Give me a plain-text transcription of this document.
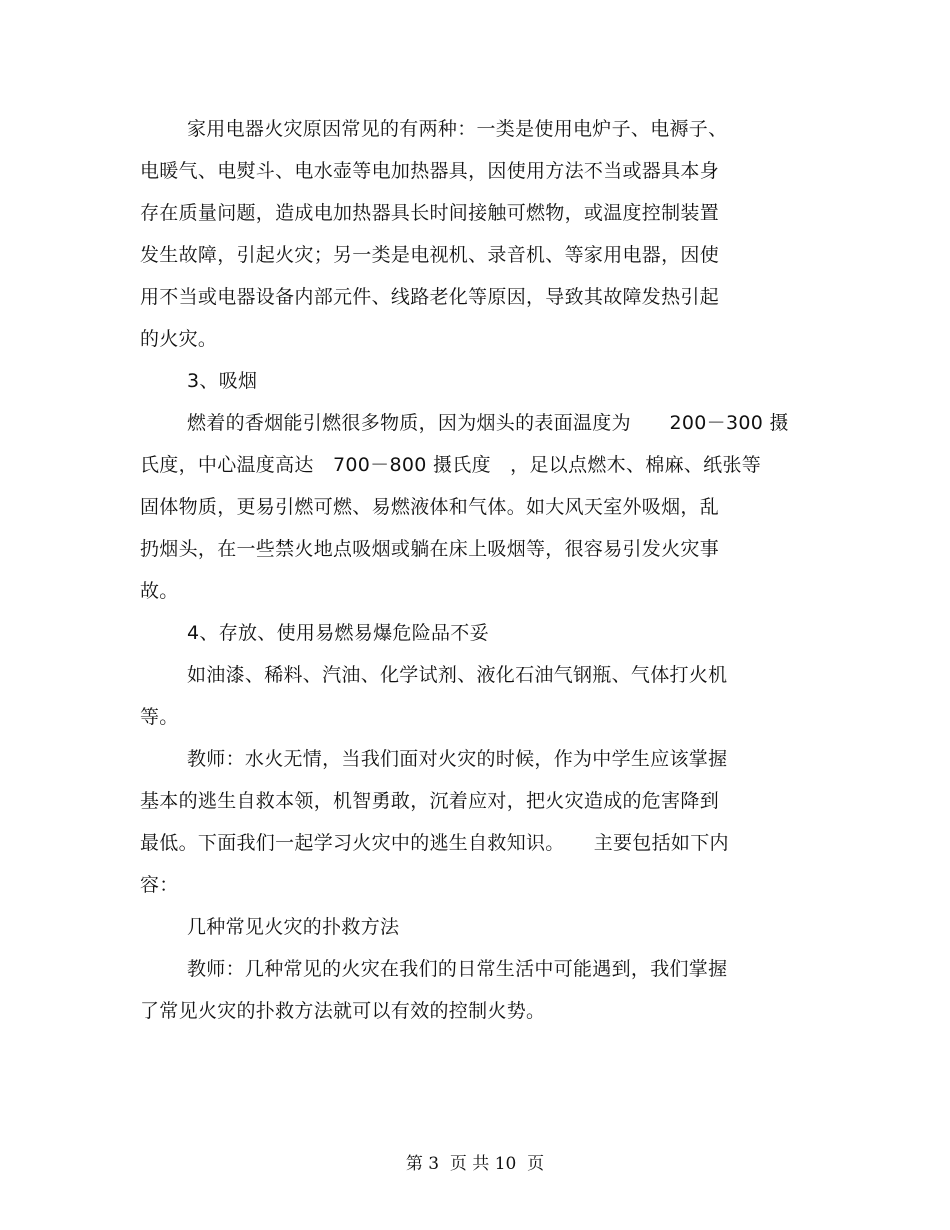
家用电器火灾原因常见的有两种：一类是使用电炉子、电褥子、
电暖气、电熨斗、电水壶等电加热器具，因使用方法不当或器具本身
存在质量问题，造成电加热器具长时间接触可燃物，或温度控制装置
发生故障，引起火灾；另一类是电视机、录音机、等家用电器，因使
用不当或电器设备内部元件、线路老化等原因，导致其故障发热引起
的火灾。
3、吸烟
燃着的香烟能引燃很多物质，因为烟头的表面温度为　　200－300 摄
氏度，中心温度高达　700－800 摄氏度　，足以点燃木、棉麻、纸张等
固体物质，更易引燃可燃、易燃液体和气体。如大风天室外吸烟，乱
扔烟头，在一些禁火地点吸烟或躺在床上吸烟等，很容易引发火灾事
故。
4、存放、使用易燃易爆危险品不妥
如油漆、稀料、汽油、化学试剂、液化石油气钢瓶、气体打火机
等。
教师：水火无情，当我们面对火灾的时候，作为中学生应该掌握
基本的逃生自救本领，机智勇敢，沉着应对，把火灾造成的危害降到
最低。下面我们一起学习火灾中的逃生自救知识。　　主要包括如下内
容：
几种常见火灾的扑救方法
教师：几种常见的火灾在我们的日常生活中可能遇到，我们掌握
了常见火灾的扑救方法就可以有效的控制火势。
第 3  页 共 10  页
